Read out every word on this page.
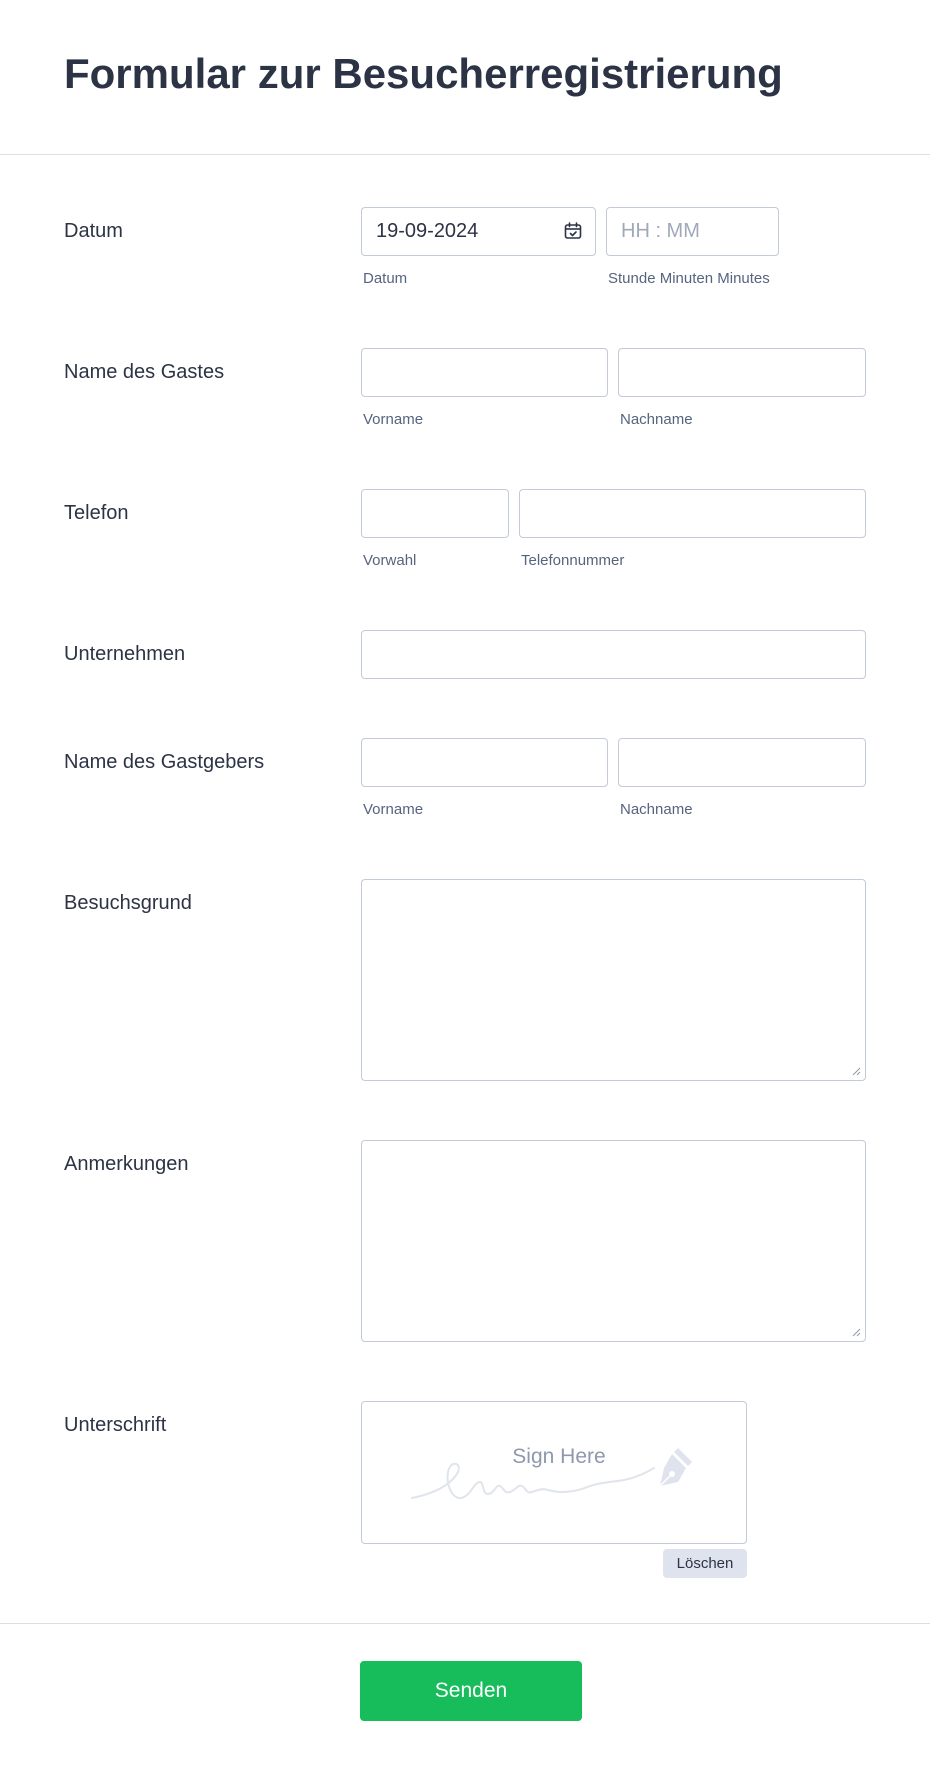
Formular zur Besucherregistrierung
Datum	19-09-2024	HH : MM
Datum	Stunde Minuten Minutes
Name des Gastes
Vorname	Nachname
Telefon
Vorwahl	Telefonnummer
Unternehmen
Name des Gastgebers
Vorname	Nachname
Besuchsgrund
Anmerkungen
Unterschrift
Sign Here
Löschen
Senden
